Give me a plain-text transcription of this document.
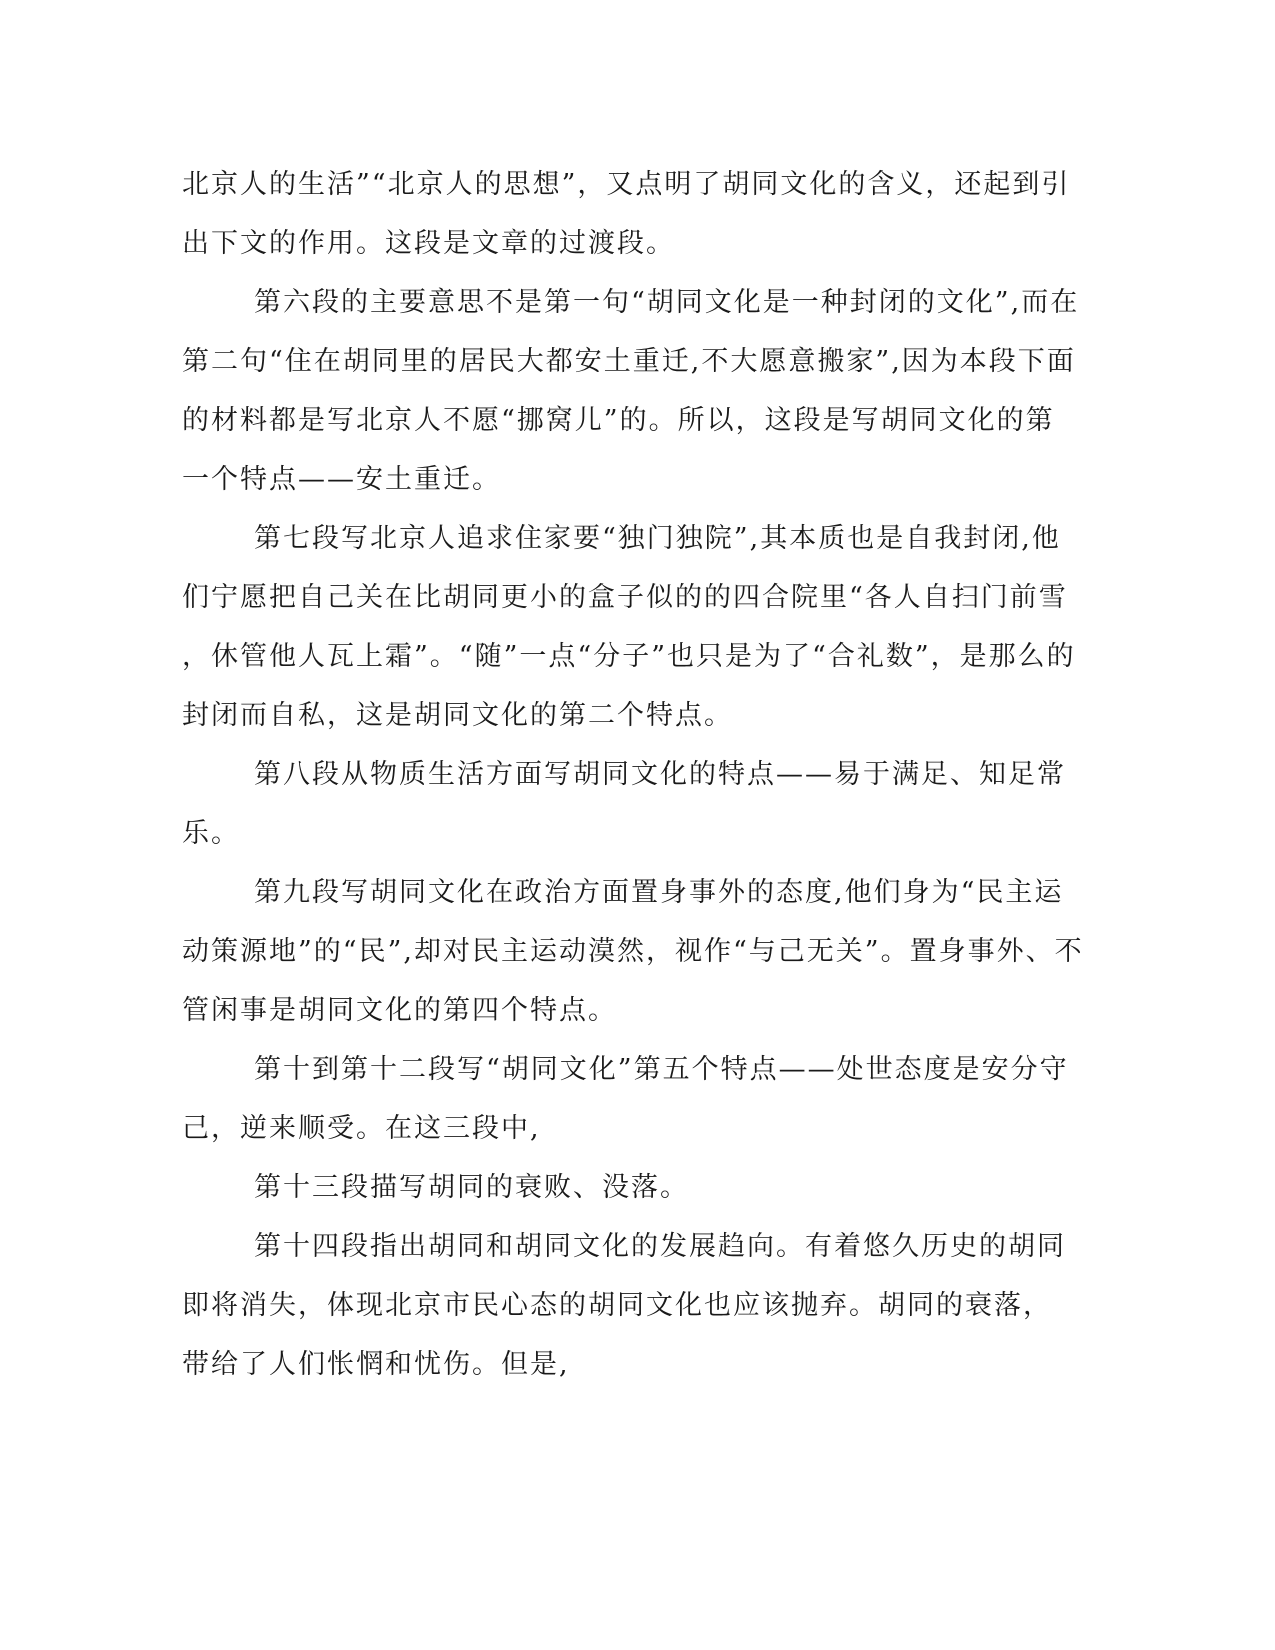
北京人的生活”“北京人的思想”，又点明了胡同文化的含义，还起到引
出下文的作用。这段是文章的过渡段。
第六段的主要意思不是第一句“胡同文化是一种封闭的文化”,而在
第二句“住在胡同里的居民大都安土重迁,不大愿意搬家”,因为本段下面
的材料都是写北京人不愿“挪窝儿”的。所以，这段是写胡同文化的第
一个特点——安土重迁。
第七段写北京人追求住家要“独门独院”,其本质也是自我封闭,他
们宁愿把自己关在比胡同更小的盒子似的的四合院里“各人自扫门前雪
，休管他人瓦上霜”。“随”一点“分子”也只是为了“合礼数”，是那么的
封闭而自私，这是胡同文化的第二个特点。
第八段从物质生活方面写胡同文化的特点——易于满足、知足常
乐。
第九段写胡同文化在政治方面置身事外的态度,他们身为“民主运
动策源地”的“民”,却对民主运动漠然，视作“与己无关”。置身事外、不
管闲事是胡同文化的第四个特点。
第十到第十二段写“胡同文化”第五个特点——处世态度是安分守
己，逆来顺受。在这三段中,
第十三段描写胡同的衰败、没落。
第十四段指出胡同和胡同文化的发展趋向。有着悠久历史的胡同
即将消失，体现北京市民心态的胡同文化也应该抛弃。胡同的衰落，
带给了人们怅惘和忧伤。但是,
